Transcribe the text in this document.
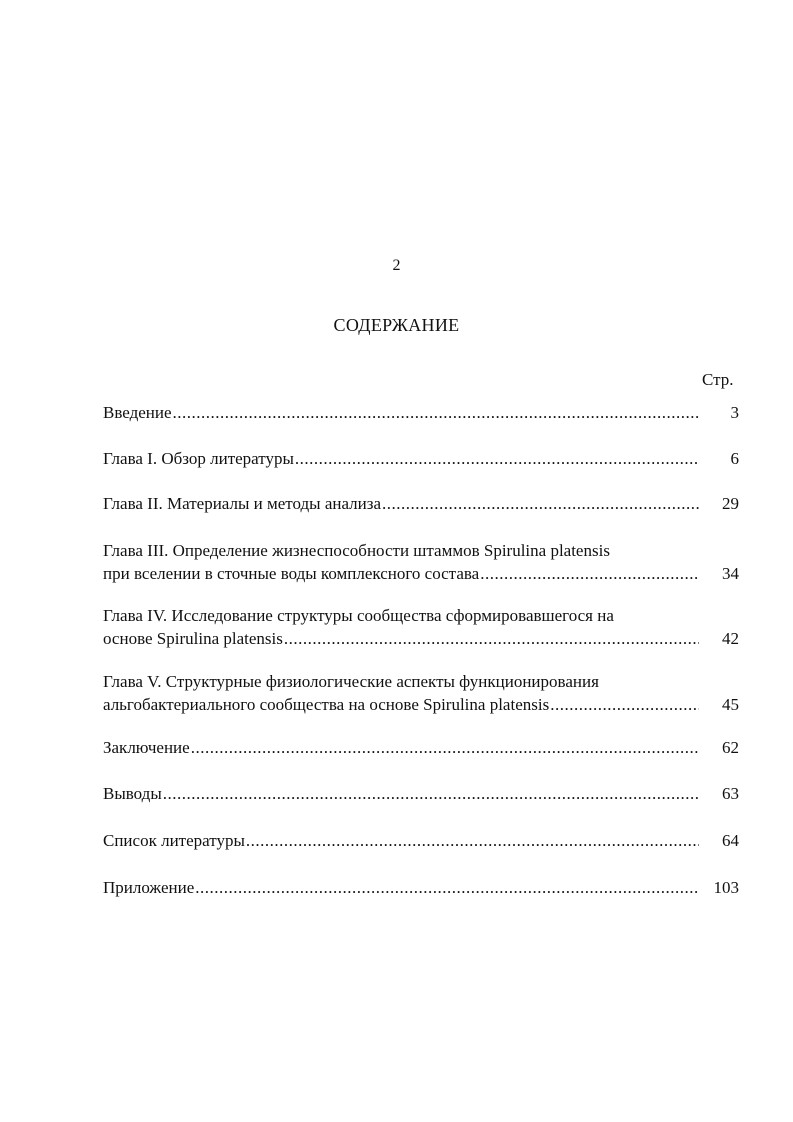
2
СОДЕРЖАНИЕ
Стр.
Введение .....	3
Глава I. Обзор литературы .....	6
Глава II. Материалы и методы анализа .....	29
Глава III. Определение жизнеспособности штаммов Spirulina platensis
при вселении в сточные воды комплексного состава .....	34
Глава IV. Исследование структуры сообщества сформировавшегося на
основе Spirulina platensis .....	42
Глава V. Структурные физиологические аспекты функционирования
альгобактериального сообщества на основе Spirulina platensis .....	45
Заключение .....	62
Выводы .....	63
Список литературы .....	64
Приложение .....	103
